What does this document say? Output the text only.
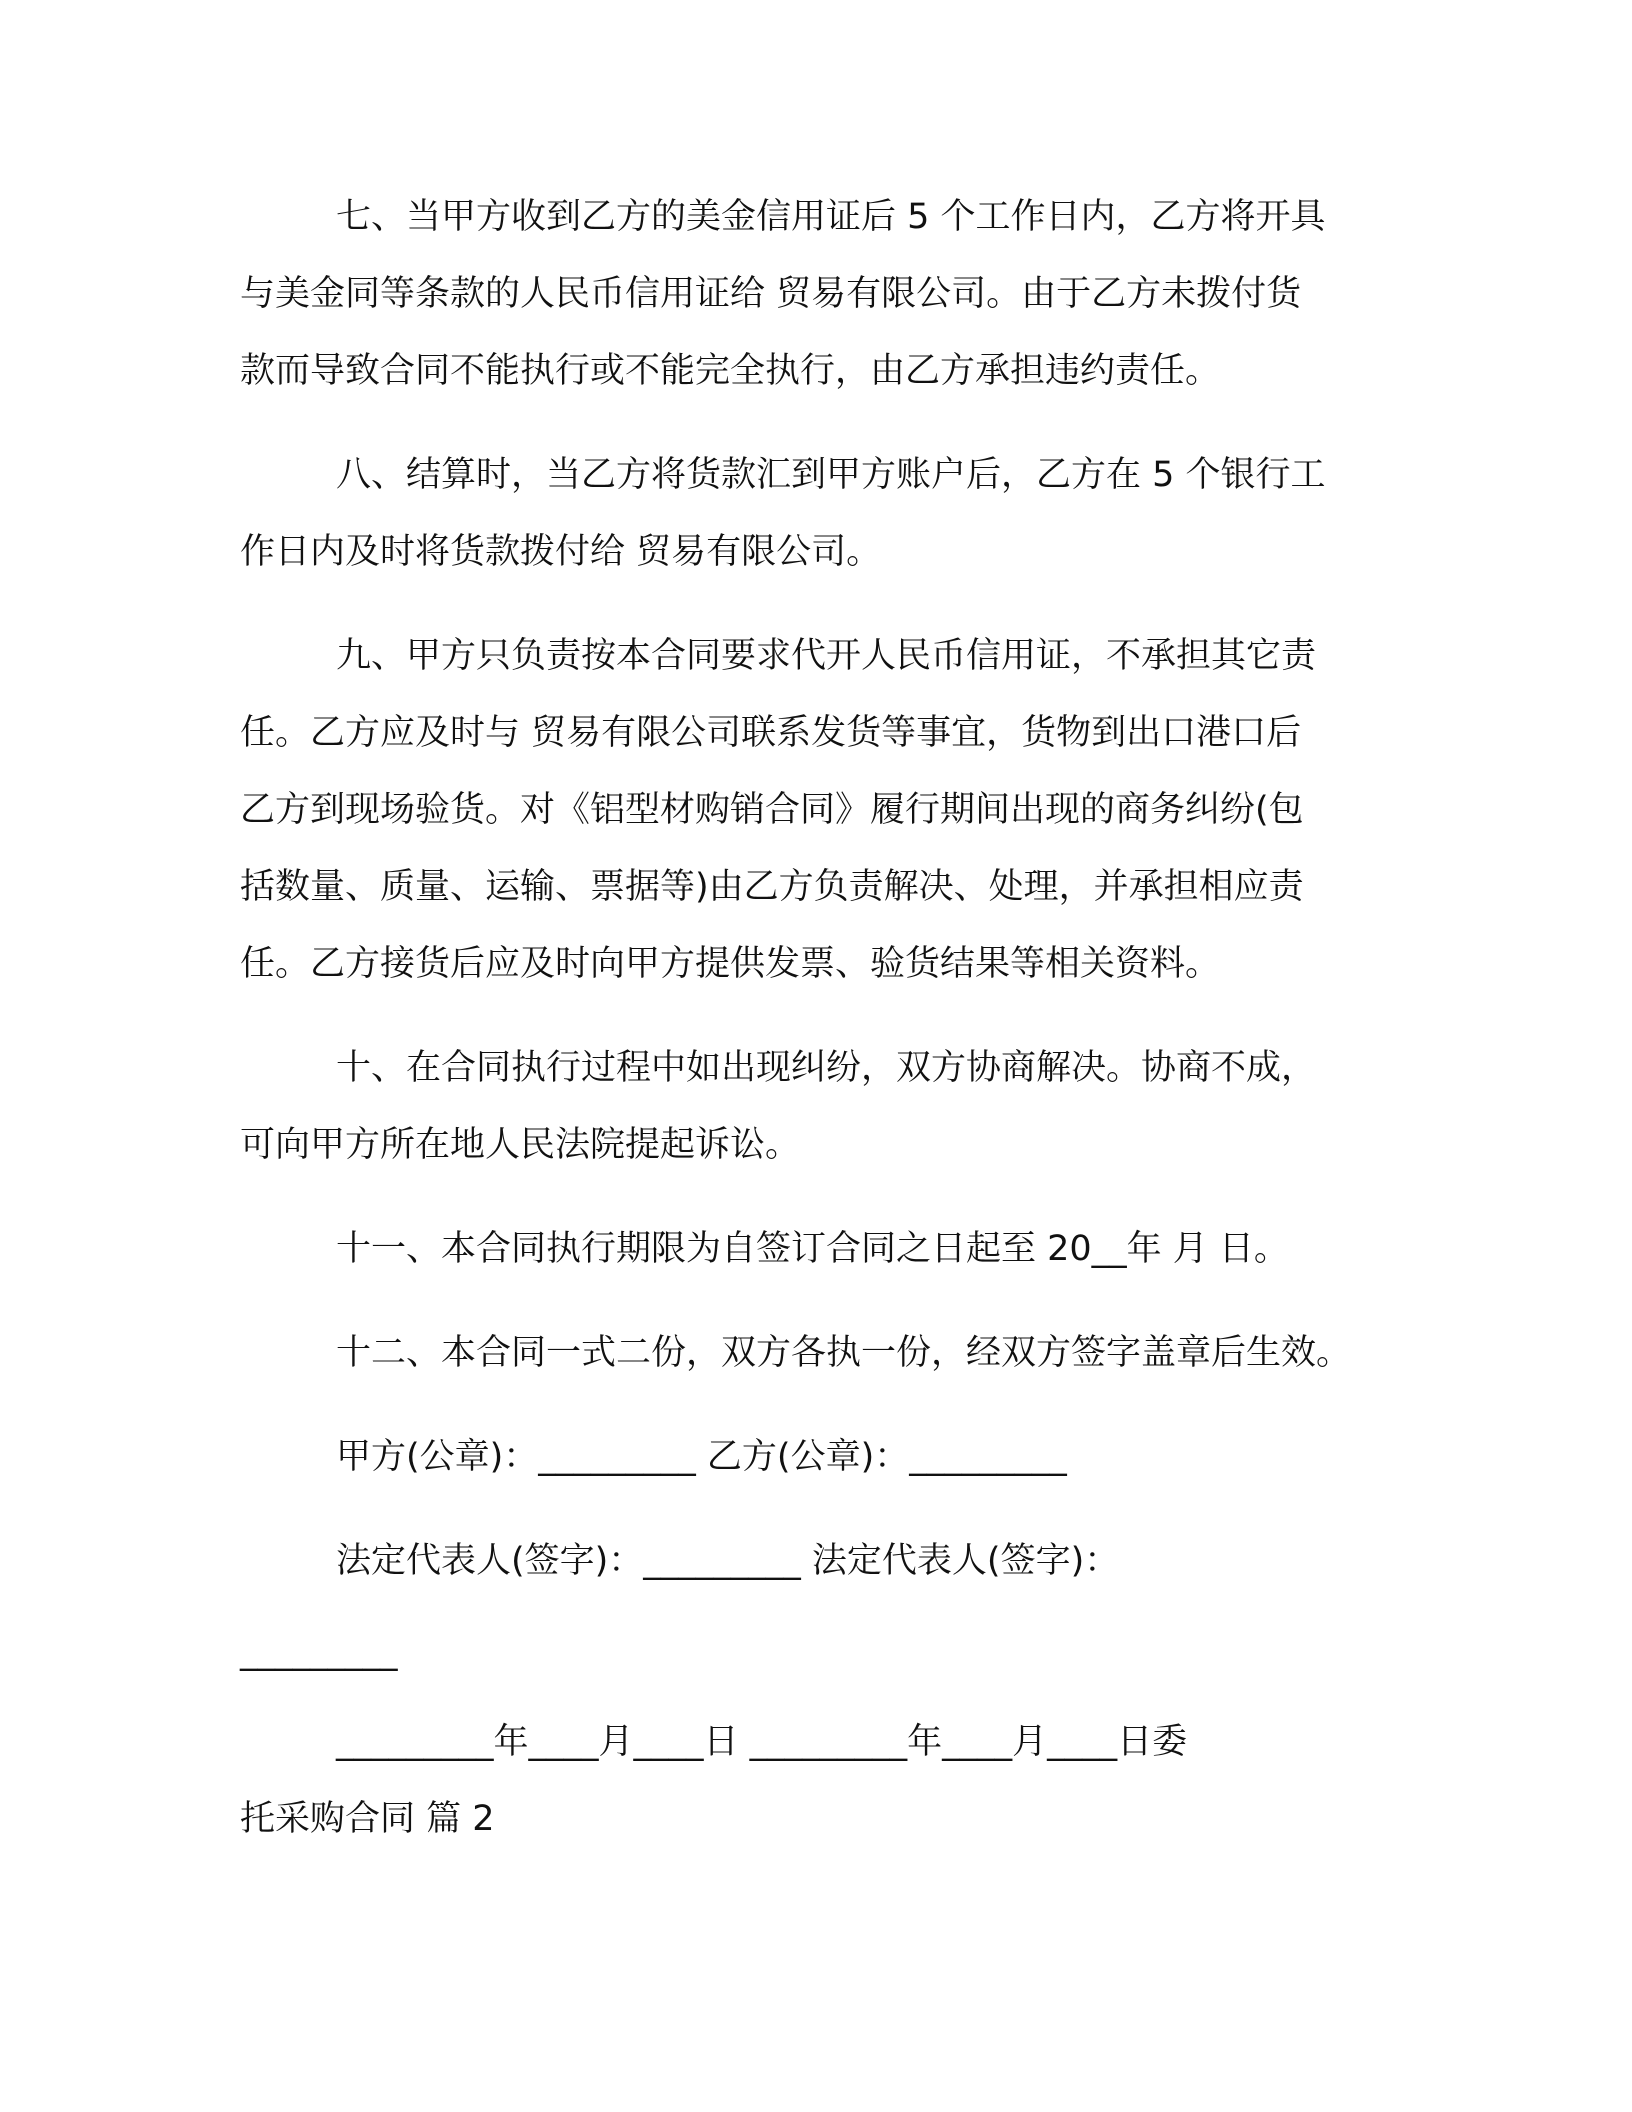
七、当甲方收到乙方的美金信用证后 5 个工作日内，乙方将开具
与美金同等条款的人民币信用证给 贸易有限公司。由于乙方未拨付货
款而导致合同不能执行或不能完全执行，由乙方承担违约责任。
八、结算时，当乙方将货款汇到甲方账户后，乙方在 5 个银行工
作日内及时将货款拨付给 贸易有限公司。
九、甲方只负责按本合同要求代开人民币信用证，不承担其它责
任。乙方应及时与 贸易有限公司联系发货等事宜，货物到出口港口后
乙方到现场验货。对《铝型材购销合同》履行期间出现的商务纠纷(包
括数量、质量、运输、票据等)由乙方负责解决、处理，并承担相应责
任。乙方接货后应及时向甲方提供发票、验货结果等相关资料。
十、在合同执行过程中如出现纠纷，双方协商解决。协商不成，
可向甲方所在地人民法院提起诉讼。
十一、本合同执行期限为自签订合同之日起至 20__年 月 日。
十二、本合同一式二份，双方各执一份，经双方签字盖章后生效。
甲方(公章)：_________ 乙方(公章)：_________
法定代表人(签字)：_________ 法定代表人(签字)：
_________
_________年____月____日 _________年____月____日委
托采购合同 篇 2
